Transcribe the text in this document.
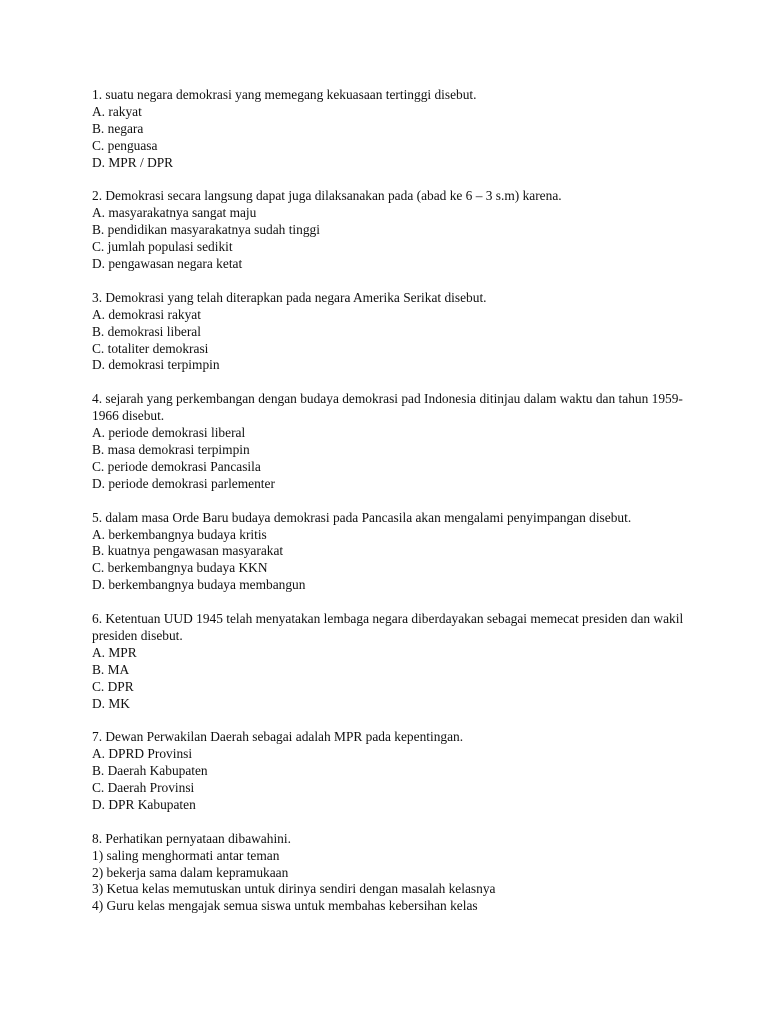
1. suatu negara demokrasi yang memegang kekuasaan tertinggi disebut.
A. rakyat
B. negara
C. penguasa
D. MPR / DPR
2. Demokrasi secara langsung dapat juga dilaksanakan pada (abad ke 6 – 3 s.m) karena.
A. masyarakatnya sangat maju
B. pendidikan masyarakatnya sudah tinggi
C. jumlah populasi sedikit
D. pengawasan negara ketat
3. Demokrasi yang telah diterapkan pada negara Amerika Serikat disebut.
A. demokrasi rakyat
B. demokrasi liberal
C. totaliter demokrasi
D. demokrasi terpimpin
4. sejarah yang perkembangan dengan budaya demokrasi pad Indonesia ditinjau dalam waktu dan tahun 1959-1966 disebut.
A. periode demokrasi liberal
B. masa demokrasi terpimpin
C. periode demokrasi Pancasila
D. periode demokrasi parlementer
5. dalam masa Orde Baru budaya demokrasi pada Pancasila akan mengalami penyimpangan disebut.
A. berkembangnya budaya kritis
B. kuatnya pengawasan masyarakat
C. berkembangnya budaya KKN
D. berkembangnya budaya membangun
6. Ketentuan UUD 1945 telah menyatakan lembaga negara diberdayakan sebagai memecat presiden dan wakil presiden disebut.
A. MPR
B. MA
C. DPR
D. MK
7. Dewan Perwakilan Daerah sebagai adalah MPR pada kepentingan.
A. DPRD Provinsi
B. Daerah Kabupaten
C. Daerah Provinsi
D. DPR Kabupaten
8. Perhatikan pernyataan dibawahini.
1) saling menghormati antar teman
2) bekerja sama dalam kepramukaan
3) Ketua kelas memutuskan untuk dirinya sendiri dengan masalah kelasnya
4) Guru kelas mengajak semua siswa untuk membahas kebersihan kelas
